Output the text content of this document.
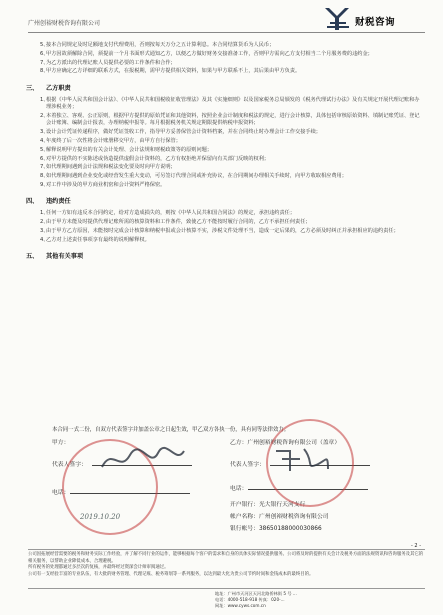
广州创裕财税咨询有限公司	财税咨询
5、
接本合同规定及时足额地支付代理费用，否则按每天万分之五计算利息。本合同结算货币为人民币；
6、
甲方因故须解除合同，须提前一个月书面形式通知乙方，以便乙方做好财务交接准备工作，否则甲方需向乙方支付相当二个月服务费的违约金；
7、
为乙方派出的代理记账人员提供必要的工作条件和合作；
8、
甲方应确定乙方详细的联系方式，在报税期，需甲方提供相关资料，如果与甲方联系不上，其后果由甲方负责。
三、 乙方职责
1、
根据《中华人民共和国会计法》、《中华人民共和国税收征收管理法》及其《实施细则》以及国家税务总局颁发的《税务代理试行办法》及有关规定开展代理记账和办理涉税业务；
2、
本着独立、客观、公正原则，根据甲方提供的原始凭证和其他资料，按照企业会计制度和税法的规定，进行会计核算，具体包括审核原始资料、填制记账凭证、登记会计账簿、编制会计报表，办理纳税申报等。每月根据税务机关规定期限提供纳税申报资料；
3、
设计会计凭证传递程序，做好凭证签收工作，指导甲方妥善保管会计资料档案，并在合同终止时办理会计工作交接手续；
4、
年度终了后一次性将会计账册移交甲方，由甲方自行保管；
5、
解释说明甲方提出的有关会计处理、会计法规和财税政策等的原则问题；
6、
对甲方提供的不实陈述或伪造提供虚假会计资料的，乙方有权拒绝并保留向有关部门反映的权利；
7、
如代理期间遇到会计法规和税法变化要及时向甲方说明；
8、
如代理期间遇到企业变化或经营发生重大变动，可另签订代理合同或补充协议，在合同期间办理相关手续时，向甲方收取相应费用；
9、
对工作中涉及的甲方商业机密和会计资料严格保密。
四、 违约责任
1、
任何一方如有违反本合同约定，给对方造成损失的，则按《中华人民共和国合同法》的规定，承担违约责任；
2、
由于甲方未能及时提供代理记账所需的核算资料和工作条件，致使乙方不能按时履行合同的，乙方不承担任何责任；
3、
由于甲方乙方原因，未能按时完成会计核算和纳税申报或会计核算不实，涉税文件处理不当，造成一定后果的，乙方必须及时纠正并承担相应的违约责任；
4、
乙方对上述责任事项享有最终的说明解释权。
五、 其他有关事项
本合同一式二份，自双方代表签字并加盖公章之日起生效，甲乙双方各执一份，具有同等法律效力。
甲方：	乙方：广州创裕财税咨询有限公司（盖章）
代表人签字：	代表人签字：
电话：
电话：
开户银行：光大银行天河支行
帐户名称：广州创裕财税咨询有限公司
银行帐号：38650188000030866
2019.10.20
- 2 -
公司因拓展经营需要的税务和财务实际工作经验，并了解不同行业的运作，能够根据每个客户的需求和自身的具体实际情况提供服务。公司将及时的提供有关会计及税务方面的法规资讯和咨询服务及其它的相关服务，以帮助企业降低成本，合理避税。
所有税务的处理都通过多层次的复核，并最终经过资深会计师审阅通过。
公司有一支经验丰富的专业队伍，有大批的财务管理、代理记账、税务筹划等一系列服务，以达到最大化为贵公司节约时间和金钱成本的最终目的。
地址：广州市天河区天河北路侨林街 5 号 ...
电话：4000-518-918 传真：020-...
网址：www.cyws.com.cn
